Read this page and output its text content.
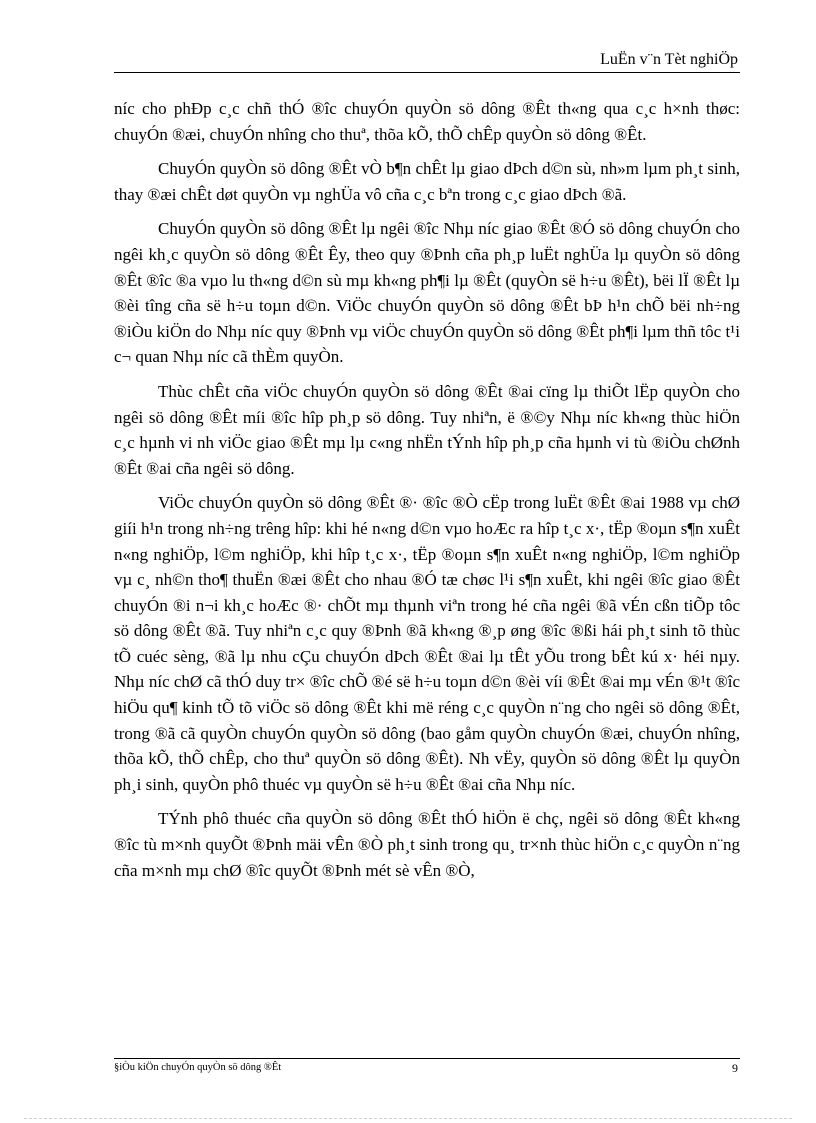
LuËn v¨n Tèt nghiÖp

níc cho phÐp c¸c chñ thÓ ®îc chuyÓn quyÒn sö dông ®Êt th«ng qua c¸c h×nh thøc: chuyÓn ®æi, chuyÓn nhîng cho thuª, thõa kÕ, thÕ chÊp quyÒn sö dông ®Êt.

ChuyÓn quyÒn sö dông ®Êt vÒ b¶n chÊt lµ giao dÞch d©n sù, nh»m lµm ph¸t sinh, thay ®æi chÊt døt quyÒn vµ nghÜa vô cña c¸c bªn trong c¸c giao dÞch ®ã.

ChuyÓn quyÒn sö dông ®Êt lµ ngêi ®îc Nhµ níc giao ®Êt ®Ó sö dông chuyÓn cho ngêi kh¸c quyÒn sö dông ®Êt Êy, theo quy ®Þnh cña ph¸p luËt nghÜa lµ quyÒn sö dông ®Êt ®îc ®a vµo lu th«ng d©n sù mµ kh«ng ph¶i lµ ®Êt (quyÒn së h÷u ®Êt), bëi lÏ ®Êt lµ ®èi tîng cña së h÷u toµn d©n. ViÖc chuyÓn quyÒn sö dông ®Êt bÞ h¹n chÕ bëi nh÷ng ®iÒu kiÖn do Nhµ níc quy ®Þnh vµ viÖc chuyÓn quyÒn sö dông ®Êt ph¶i lµm thñ tôc t¹i c¬ quan Nhµ níc cã thÈm quyÒn.

Thùc chÊt cña viÖc chuyÓn quyÒn sö dông ®Êt ®ai cïng lµ thiÕt lËp quyÒn cho ngêi sö dông ®Êt míi ®îc hîp ph¸p sö dông. Tuy nhiªn, ë ®©y Nhµ níc kh«ng thùc hiÖn c¸c hµnh vi nh viÖc giao ®Êt mµ lµ c«ng nhËn tÝnh hîp ph¸p cña hµnh vi tù ®iÒu chØnh ®Êt ®ai cña ngêi sö dông.

ViÖc chuyÓn quyÒn sö dông ®Êt ®· ®îc ®Ò cËp trong luËt ®Êt ®ai 1988 vµ chØ giíi h¹n trong nh÷ng trêng hîp: khi hé n«ng d©n vµo hoÆc ra hîp t¸c x·, tËp ®oµn s¶n xuÊt n«ng nghiÖp, l©m nghiÖp, khi hîp t¸c x·, tËp ®oµn s¶n xuÊt n«ng nghiÖp, l©m nghiÖp vµ c¸ nh©n tho¶ thuËn ®æi ®Êt cho nhau ®Ó tæ chøc l¹i s¶n xuÊt, khi ngêi ®îc giao ®Êt chuyÓn ®i n¬i kh¸c hoÆc ®· chÕt mµ thµnh viªn trong hé cña ngêi ®ã vÉn cßn tiÕp tôc sö dông ®Êt ®ã. Tuy nhiªn c¸c quy ®Þnh ®ã kh«ng ®¸p øng ®îc ®ßi hái ph¸t sinh tõ thùc tÕ cuéc sèng, ®ã lµ nhu cÇu chuyÓn dÞch ®Êt ®ai lµ tÊt yÕu trong bÊt kú x· héi nµy. Nhµ níc chØ cã thÓ duy tr× ®îc chÕ ®é së h÷u toµn d©n ®èi víi ®Êt ®ai mµ vÉn ®¹t ®îc hiÖu qu¶ kinh tÕ tõ viÖc sö dông ®Êt khi më réng c¸c quyÒn n¨ng cho ngêi sö dông ®Êt, trong ®ã cã quyÒn chuyÓn quyÒn sö dông (bao gåm quyÒn chuyÓn ®æi, chuyÓn nhîng, thõa kÕ, thÕ chÊp, cho thuª quyÒn sö dông ®Êt). Nh vËy, quyÒn sö dông ®Êt lµ quyÒn ph¸i sinh, quyÒn phô thuéc vµ quyÒn së h÷u ®Êt ®ai cña Nhµ níc.

TÝnh phô thuéc cña quyÒn sö dông ®Êt thÓ hiÖn ë chç, ngêi sö dông ®Êt kh«ng ®îc tù m×nh quyÕt ®Þnh mäi vÊn ®Ò ph¸t sinh trong qu¸ tr×nh thùc hiÖn c¸c quyÒn n¨ng cña m×nh mµ chØ ®îc quyÕt ®Þnh mét sè vÊn ®Ò,

§iÒu kiÖn chuyÓn quyÒn sö dông ®Êt	9
